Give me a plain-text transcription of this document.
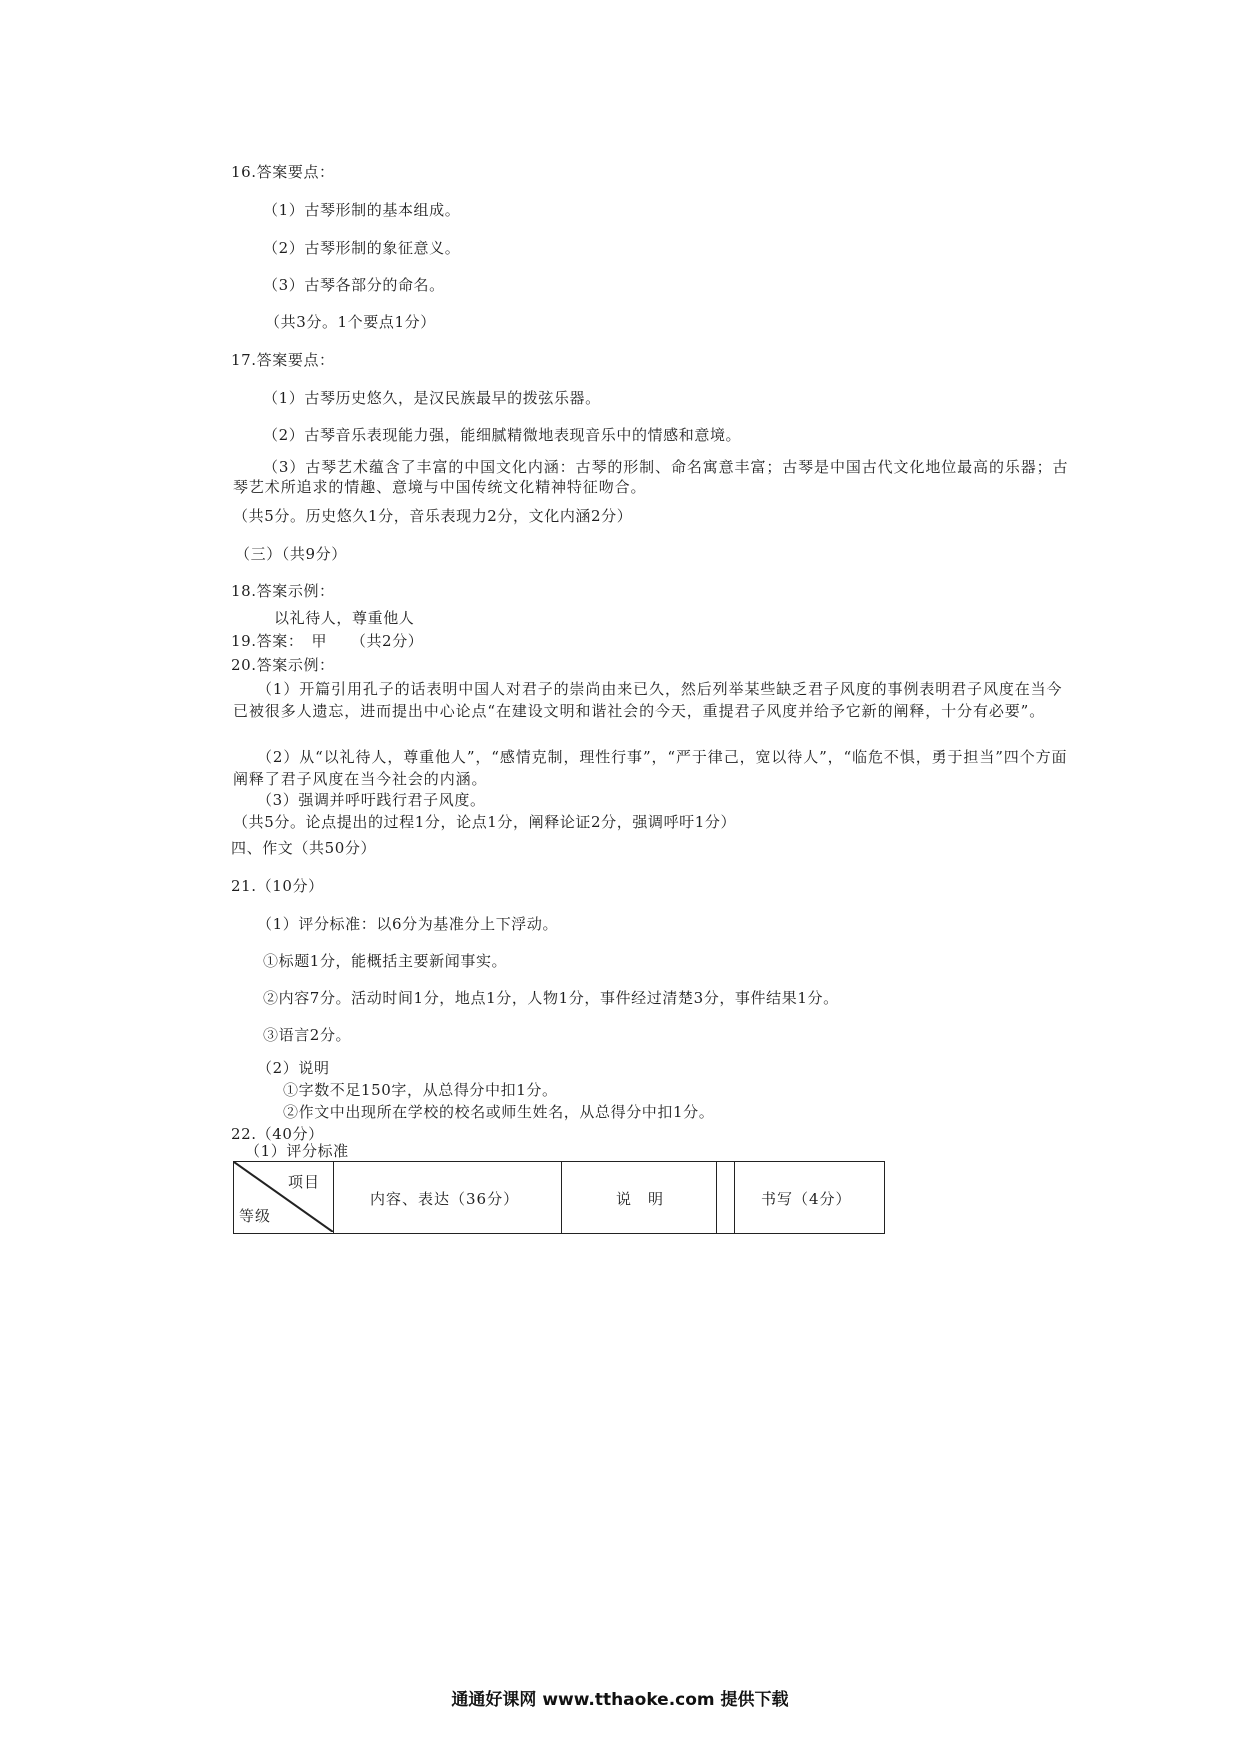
16.答案要点：
（1）古琴形制的基本组成。
（2）古琴形制的象征意义。
（3）古琴各部分的命名。
（共3分。1个要点1分）
17.答案要点：
（1）古琴历史悠久，是汉民族最早的拨弦乐器。
（2）古琴音乐表现能力强，能细腻精微地表现音乐中的情感和意境。
（3）古琴艺术蕴含了丰富的中国文化内涵：古琴的形制、命名寓意丰富；古琴是中国古代文化地位最高的乐器；古琴艺术所追求的情趣、意境与中国传统文化精神特征吻合。
（共5分。历史悠久1分，音乐表现力2分，文化内涵2分）
（三）（共9分）
18.答案示例：
以礼待人，尊重他人
19.答案：　甲　　（共2分）
20.答案示例：
（1）开篇引用孔子的话表明中国人对君子的崇尚由来已久，然后列举某些缺乏君子风度的事例表明君子风度在当今已被很多人遗忘，进而提出中心论点“在建设文明和谐社会的今天，重提君子风度并给予它新的阐释，十分有必要”。
（2）从“以礼待人，尊重他人”，“感情克制，理性行事”，“严于律己，宽以待人”，“临危不惧，勇于担当”四个方面阐释了君子风度在当今社会的内涵。
（3）强调并呼吁践行君子风度。
（共5分。论点提出的过程1分，论点1分，阐释论证2分，强调呼吁1分）
四、作文（共50分）
21.（10分）
（1）评分标准：以6分为基准分上下浮动。
①标题1分，能概括主要新闻事实。
②内容7分。活动时间1分，地点1分，人物1分，事件经过清楚3分，事件结果1分。
③语言2分。
（2）说明
①字数不足150字，从总得分中扣1分。
②作文中出现所在学校的校名或师生姓名，从总得分中扣1分。
22.（40分）
（1）评分标准
项目
等级
内容、表达（36分）	说　明	书写（4分）
通通好课网 www.tthaoke.com 提供下载
